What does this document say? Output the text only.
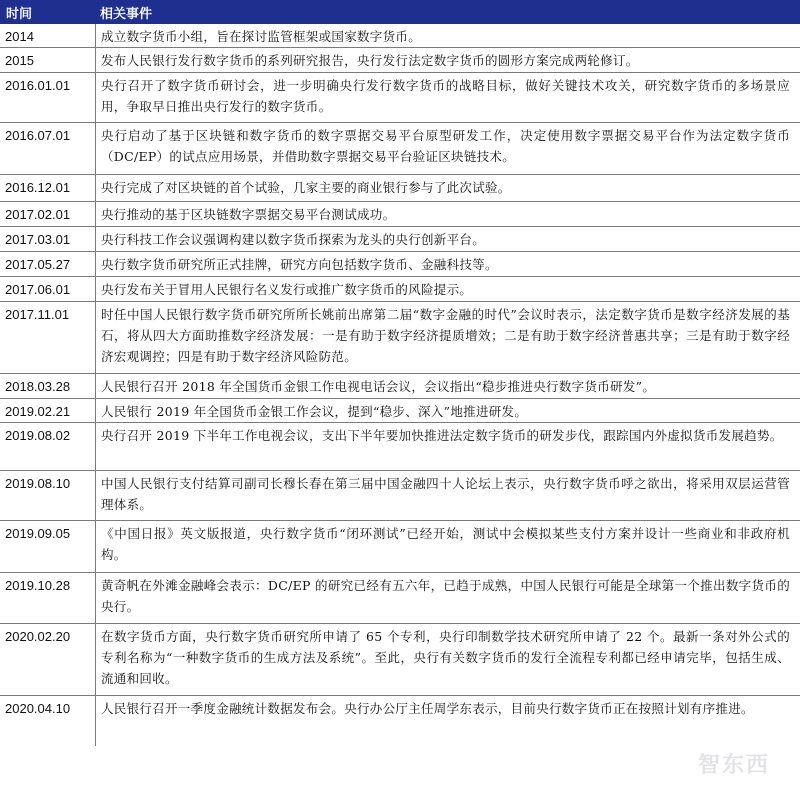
时间	相关事件
2014	成立数字货币小组，旨在探讨监管框架或国家数字货币。
2015	发布人民银行发行数字货币的系列研究报告，央行发行法定数字货币的圆形方案完成两轮修订。
2016.01.01	央行召开了数字货币研讨会，进一步明确央行发行数字货币的战略目标，做好关键技术攻关，研究数字货币的多场景应用，争取早日推出央行发行的数字货币。
2016.07.01	央行启动了基于区块链和数字货币的数字票据交易平台原型研发工作，决定使用数字票据交易平台作为法定数字货币（DC/EP）的试点应用场景，并借助数字票据交易平台验证区块链技术。
2016.12.01	央行完成了对区块链的首个试验，几家主要的商业银行参与了此次试验。
2017.02.01	央行推动的基于区块链数字票据交易平台测试成功。
2017.03.01	央行科技工作会议强调构建以数字货币探索为龙头的央行创新平台。
2017.05.27	央行数字货币研究所正式挂牌，研究方向包括数字货币、金融科技等。
2017.06.01	央行发布关于冒用人民银行名义发行或推广数字货币的风险提示。
2017.11.01	时任中国人民银行数字货币研究所所长姚前出席第二届“数字金融的时代”会议时表示，法定数字货币是数字经济发展的基石，将从四大方面助推数字经济发展：一是有助于数字经济提质增效；二是有助于数字经济普惠共享；三是有助于数字经济宏观调控；四是有助于数字经济风险防范。
2018.03.28	人民银行召开 2018 年全国货币金银工作电视电话会议，会议指出“稳步推进央行数字货币研发”。
2019.02.21	人民银行 2019 年全国货币金银工作会议，提到“稳步、深入”地推进研发。
2019.08.02	央行召开 2019 下半年工作电视会议，支出下半年要加快推进法定数字货币的研发步伐，跟踪国内外虚拟货币发展趋势。
2019.08.10	中国人民银行支付结算司副司长穆长春在第三届中国金融四十人论坛上表示，央行数字货币呼之欲出，将采用双层运营管理体系。
2019.09.05	《中国日报》英文版报道，央行数字货币“闭环测试”已经开始，测试中会模拟某些支付方案并设计一些商业和非政府机构。
2019.10.28	黄奇帆在外滩金融峰会表示：DC/EP 的研究已经有五六年，已趋于成熟，中国人民银行可能是全球第一个推出数字货币的央行。
2020.02.20	在数字货币方面，央行数字货币研究所申请了 65 个专利，央行印制数学技术研究所申请了 22 个。最新一条对外公式的专利名称为“一种数字货币的生成方法及系统”。至此，央行有关数字货币的发行全流程专利都已经申请完毕，包括生成、流通和回收。
2020.04.10	人民银行召开一季度金融统计数据发布会。央行办公厅主任周学东表示，目前央行数字货币正在按照计划有序推进。
智东西
